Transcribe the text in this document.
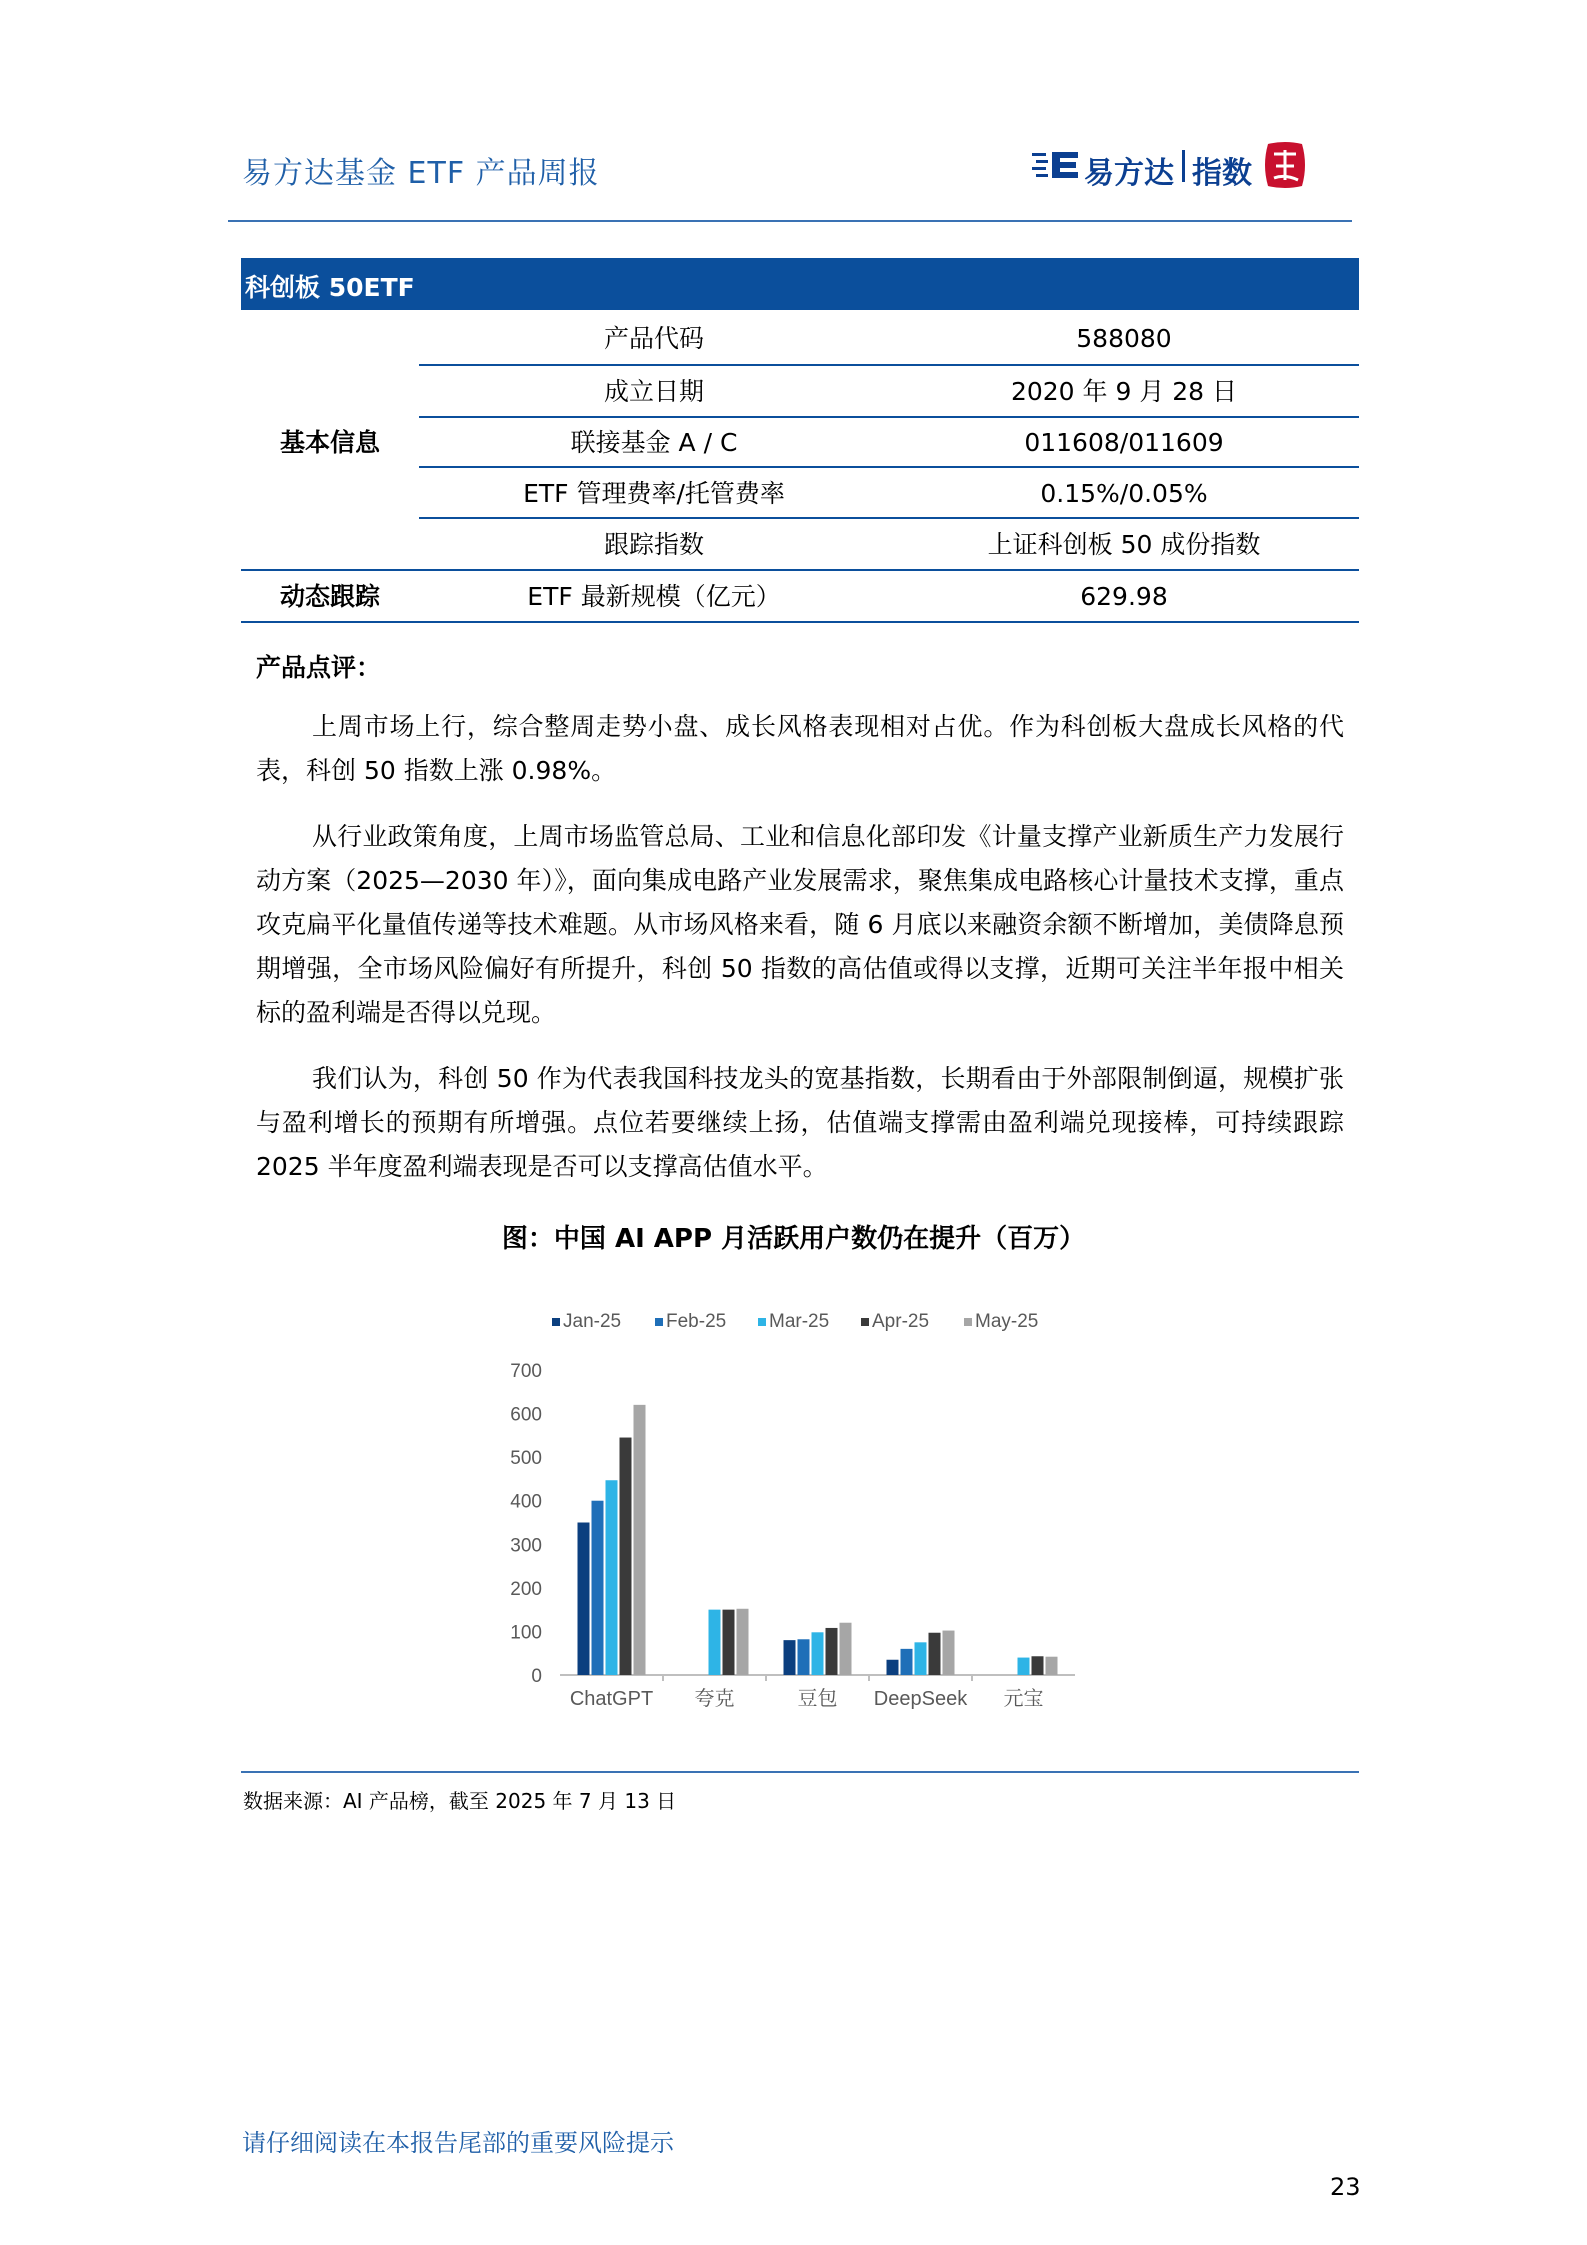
易方达基金 ETF 产品周报	易方达 指数
科创板 50ETF
产品代码	588080
成立日期	2020 年 9 月 28 日
基本信息	联接基金 A / C	011608/011609
ETF 管理费率/托管费率	0.15%/0.05%
跟踪指数	上证科创板 50 成份指数
动态跟踪	ETF 最新规模（亿元）	629.98
产品点评：
上周市场上行，综合整周走势小盘、成长风格表现相对占优。作为科创板大盘成长风格的代表，科创 50 指数上涨 0.98%。
从行业政策角度，上周市场监管总局、工业和信息化部印发《计量支撑产业新质生产力发展行动方案（2025—2030 年）》，面向集成电路产业发展需求，聚焦集成电路核心计量技术支撑，重点攻克扁平化量值传递等技术难题。从市场风格来看，随 6 月底以来融资余额不断增加，美债降息预期增强，全市场风险偏好有所提升，科创 50 指数的高估值或得以支撑，近期可关注半年报中相关标的盈利端是否得以兑现。
我们认为，科创 50 作为代表我国科技龙头的宽基指数，长期看由于外部限制倒逼，规模扩张与盈利增长的预期有所增强。点位若要继续上扬，估值端支撑需由盈利端兑现接棒，可持续跟踪 2025 半年度盈利端表现是否可以支撑高估值水平。
图：中国 AI APP 月活跃用户数仍在提升（百万）
Jan-25 Feb-25 Mar-25 Apr-25 May-25
0
100
200
300
400
500
600
700
ChatGPT 夸克	豆包 DeepSeek 元宝
数据来源：AI 产品榜，截至 2025 年 7 月 13 日
请仔细阅读在本报告尾部的重要风险提示
23
